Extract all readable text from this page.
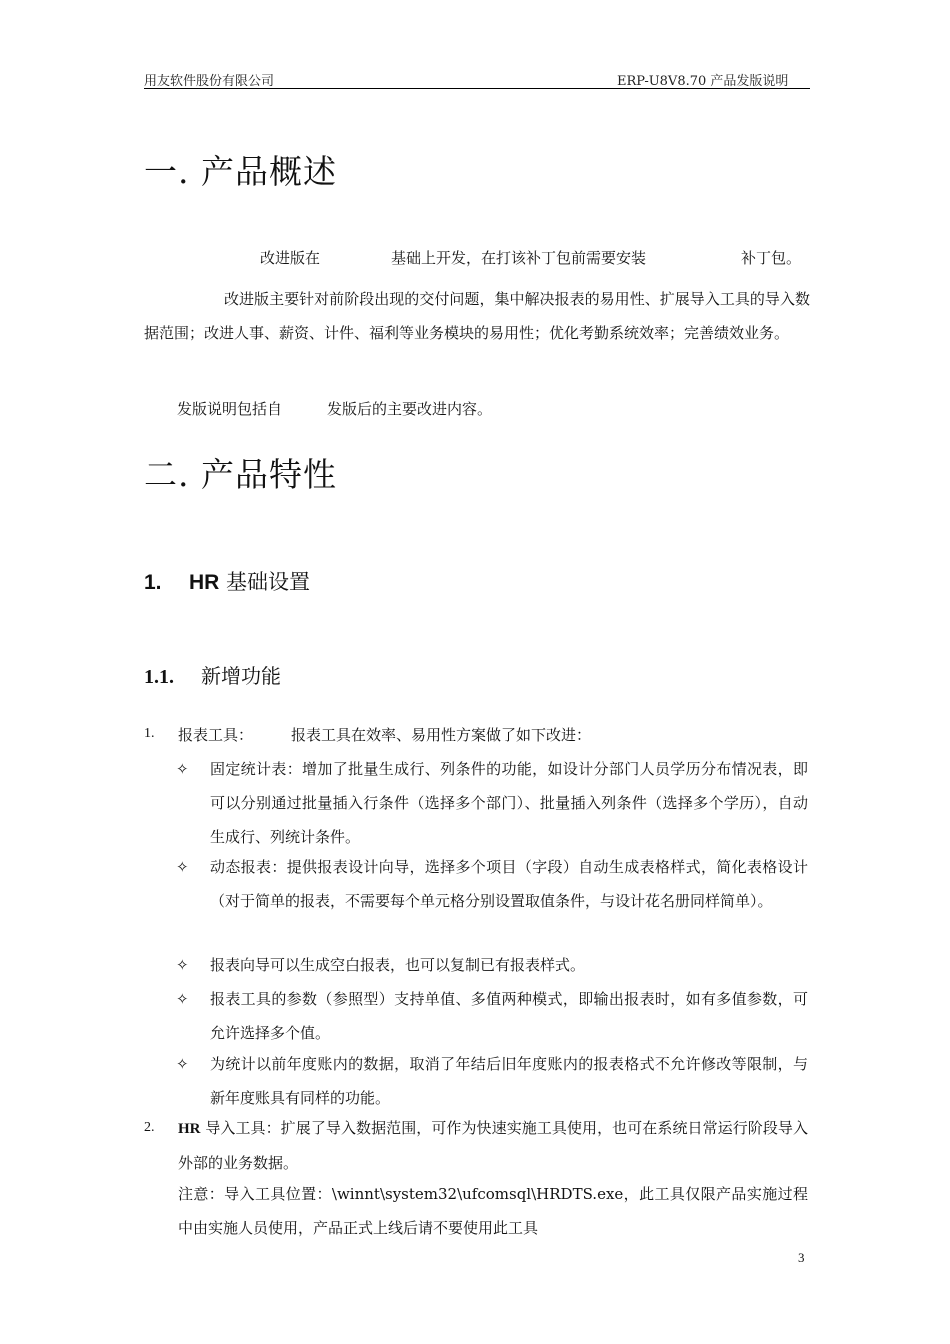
用友软件股份有限公司	ERP-U8V8.70 产品发版说明
一. 产品概述
改进版在	基础上开发，在打该补丁包前需要安装	补丁包。
改进版主要针对前阶段出现的交付问题，集中解决报表的易用性、扩展导入工具的导入数据范围；改进人事、薪资、计件、福利等业务模块的易用性；优化考勤系统效率；完善绩效业务。
发版说明包括自	发版后的主要改进内容。
二. 产品特性
1. HR 基础设置
1.1. 新增功能
1. 报表工具：	报表工具在效率、易用性方案做了如下改进：
✧ 固定统计表：增加了批量生成行、列条件的功能，如设计分部门人员学历分布情况表，即可以分别通过批量插入行条件（选择多个部门）、批量插入列条件（选择多个学历），自动生成行、列统计条件。
✧ 动态报表：提供报表设计向导，选择多个项目（字段）自动生成表格样式，简化表格设计（对于简单的报表，不需要每个单元格分别设置取值条件，与设计花名册同样简单）。
✧ 报表向导可以生成空白报表，也可以复制已有报表样式。
✧ 报表工具的参数（参照型）支持单值、多值两种模式，即输出报表时，如有多值参数，可允许选择多个值。
✧ 为统计以前年度账内的数据，取消了年结后旧年度账内的报表格式不允许修改等限制，与新年度账具有同样的功能。
2. HR 导入工具：扩展了导入数据范围，可作为快速实施工具使用，也可在系统日常运行阶段导入外部的业务数据。
注意：导入工具位置：\winnt\system32\ufcomsql\HRDTS.exe，此工具仅限产品实施过程中由实施人员使用，产品正式上线后请不要使用此工具
3
